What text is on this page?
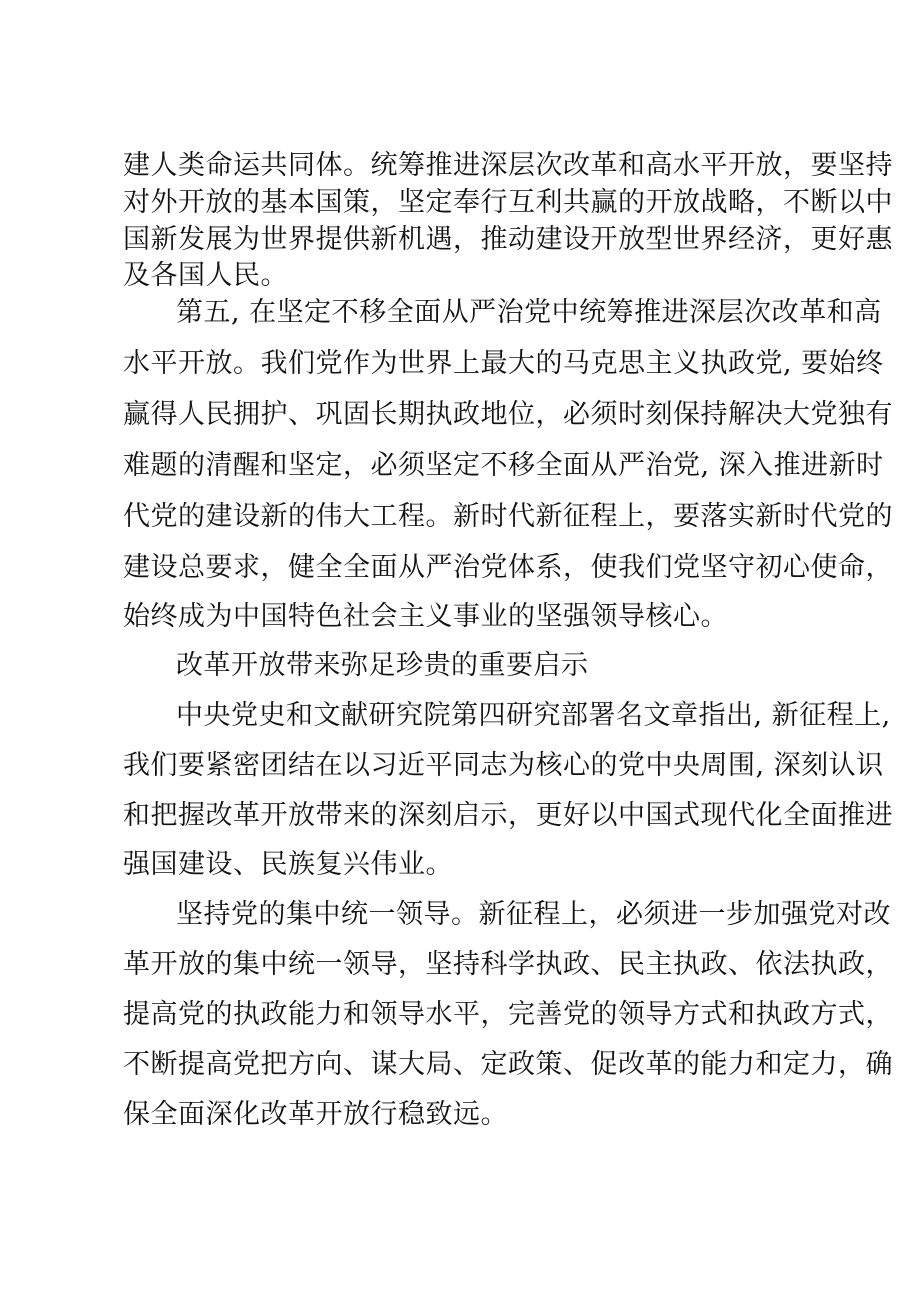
建人类命运共同体。统筹推进深层次改革和高水平开放，要坚持
对外开放的基本国策，坚定奉行互利共赢的开放战略，不断以中
国新发展为世界提供新机遇，推动建设开放型世界经济，更好惠
及各国人民。
第五, 在坚定不移全面从严治党中统筹推进深层次改革和高
水平开放。我们党作为世界上最大的马克思主义执政党, 要始终
赢得人民拥护、巩固长期执政地位，必须时刻保持解决大党独有
难题的清醒和坚定，必须坚定不移全面从严治党, 深入推进新时
代党的建设新的伟大工程。新时代新征程上，要落实新时代党的
建设总要求，健全全面从严治党体系，使我们党坚守初心使命，
始终成为中国特色社会主义事业的坚强领导核心。
改革开放带来弥足珍贵的重要启示
中央党史和文献研究院第四研究部署名文章指出, 新征程上,
我们要紧密团结在以习近平同志为核心的党中央周围, 深刻认识
和把握改革开放带来的深刻启示，更好以中国式现代化全面推进
强国建设、民族复兴伟业。
坚持党的集中统一领导。新征程上，必须进一步加强党对改
革开放的集中统一领导，坚持科学执政、民主执政、依法执政，
提高党的执政能力和领导水平，完善党的领导方式和执政方式，
不断提高党把方向、谋大局、定政策、促改革的能力和定力，确
保全面深化改革开放行稳致远。
